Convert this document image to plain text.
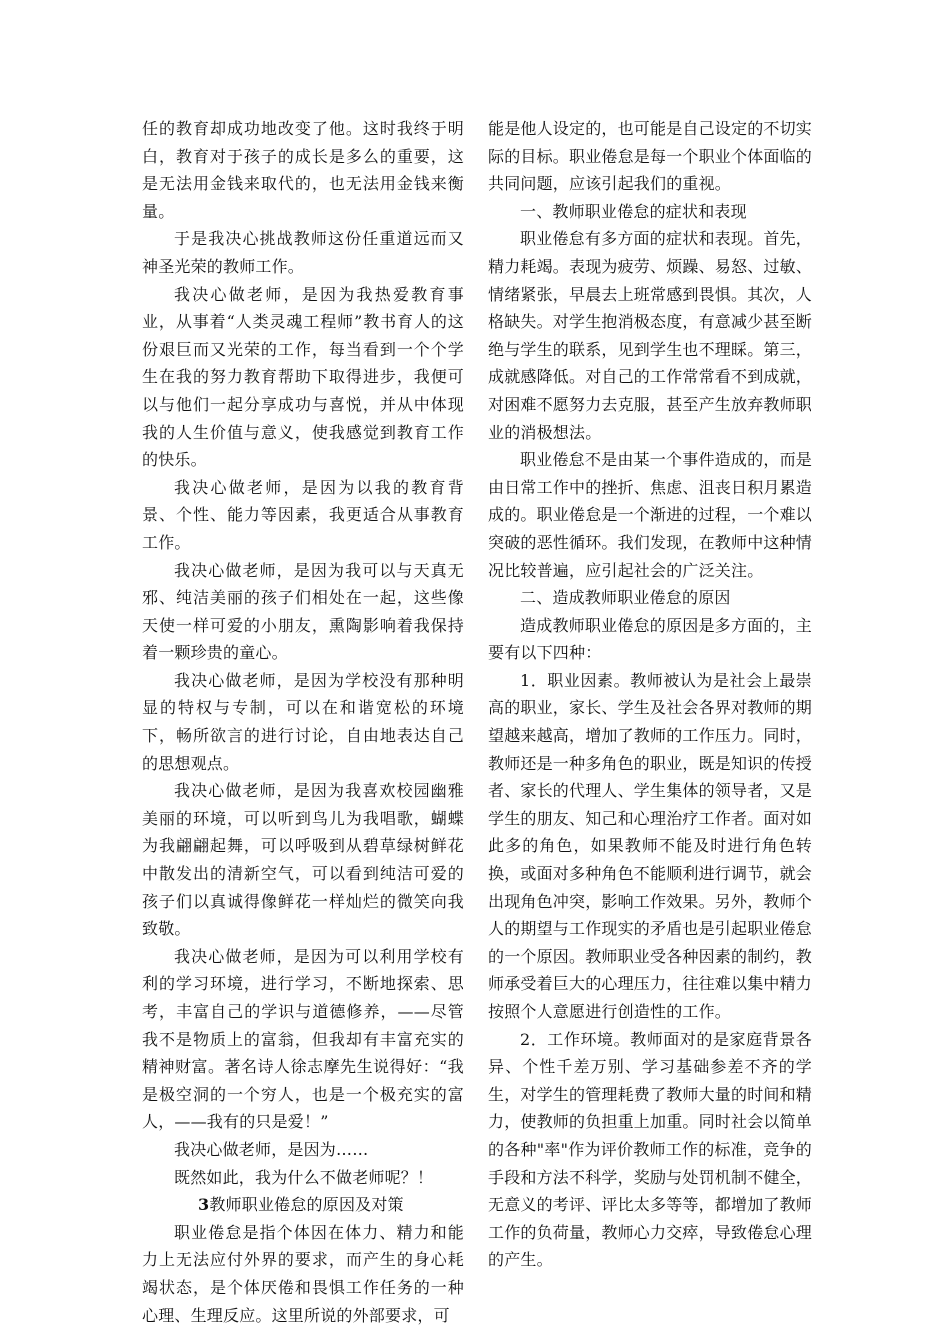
任的教育却成功地改变了他。这时我终于明白，教育对于孩子的成长是多么的重要，这是无法用金钱来取代的，也无法用金钱来衡量。

于是我决心挑战教师这份任重道远而又神圣光荣的教师工作。

我决心做老师，是因为我热爱教育事业，从事着“人类灵魂工程师”教书育人的这份艰巨而又光荣的工作，每当看到一个个学生在我的努力教育帮助下取得进步，我便可以与他们一起分享成功与喜悦，并从中体现我的人生价值与意义，使我感觉到教育工作的快乐。

我决心做老师，是因为以我的教育背景、个性、能力等因素，我更适合从事教育工作。

我决心做老师，是因为我可以与天真无邪、纯洁美丽的孩子们相处在一起，这些像天使一样可爱的小朋友，熏陶影响着我保持着一颗珍贵的童心。

我决心做老师，是因为学校没有那种明显的特权与专制，可以在和谐宽松的环境下，畅所欲言的进行讨论，自由地表达自己的思想观点。

我决心做老师，是因为我喜欢校园幽雅美丽的环境，可以听到鸟儿为我唱歌，蝴蝶为我翩翩起舞，可以呼吸到从碧草绿树鲜花中散发出的清新空气，可以看到纯洁可爱的孩子们以真诚得像鲜花一样灿烂的微笑向我致敬。

我决心做老师，是因为可以利用学校有利的学习环境，进行学习，不断地探索、思考，丰富自己的学识与道德修养，——尽管我不是物质上的富翁，但我却有丰富充实的精神财富。著名诗人徐志摩先生说得好：“我是极空洞的一个穷人，也是一个极充实的富人，——我有的只是爱！”

我决心做老师，是因为……

既然如此，我为什么不做老师呢？！

3教师职业倦怠的原因及对策

职业倦怠是指个体因在体力、精力和能力上无法应付外界的要求，而产生的身心耗竭状态，是个体厌倦和畏惧工作任务的一种心理、生理反应。这里所说的外部要求，可

能是他人设定的，也可能是自己设定的不切实际的目标。职业倦怠是每一个职业个体面临的共同问题，应该引起我们的重视。

一、教师职业倦怠的症状和表现

职业倦怠有多方面的症状和表现。首先，精力耗竭。表现为疲劳、烦躁、易怒、过敏、情绪紧张，早晨去上班常感到畏惧。其次，人格缺失。对学生抱消极态度，有意减少甚至断绝与学生的联系，见到学生也不理睬。第三，成就感降低。对自己的工作常常看不到成就，对困难不愿努力去克服，甚至产生放弃教师职业的消极想法。

职业倦怠不是由某一个事件造成的，而是由日常工作中的挫折、焦虑、沮丧日积月累造成的。职业倦怠是一个渐进的过程，一个难以突破的恶性循环。我们发现，在教师中这种情况比较普遍，应引起社会的广泛关注。

二、造成教师职业倦怠的原因

造成教师职业倦怠的原因是多方面的，主要有以下四种：

1．职业因素。教师被认为是社会上最崇高的职业，家长、学生及社会各界对教师的期望越来越高，增加了教师的工作压力。同时，教师还是一种多角色的职业，既是知识的传授者、家长的代理人、学生集体的领导者，又是学生的朋友、知己和心理治疗工作者。面对如此多的角色，如果教师不能及时进行角色转换，或面对多种角色不能顺利进行调节，就会出现角色冲突，影响工作效果。另外，教师个人的期望与工作现实的矛盾也是引起职业倦怠的一个原因。教师职业受各种因素的制约，教师承受着巨大的心理压力，往往难以集中精力按照个人意愿进行创造性的工作。

2．工作环境。教师面对的是家庭背景各异、个性千差万别、学习基础参差不齐的学生，对学生的管理耗费了教师大量的时间和精力，使教师的负担重上加重。同时社会以简单的各种"率"作为评价教师工作的标准，竞争的手段和方法不科学，奖励与处罚机制不健全，无意义的考评、评比太多等等，都增加了教师工作的负荷量，教师心力交瘁，导致倦怠心理的产生。
